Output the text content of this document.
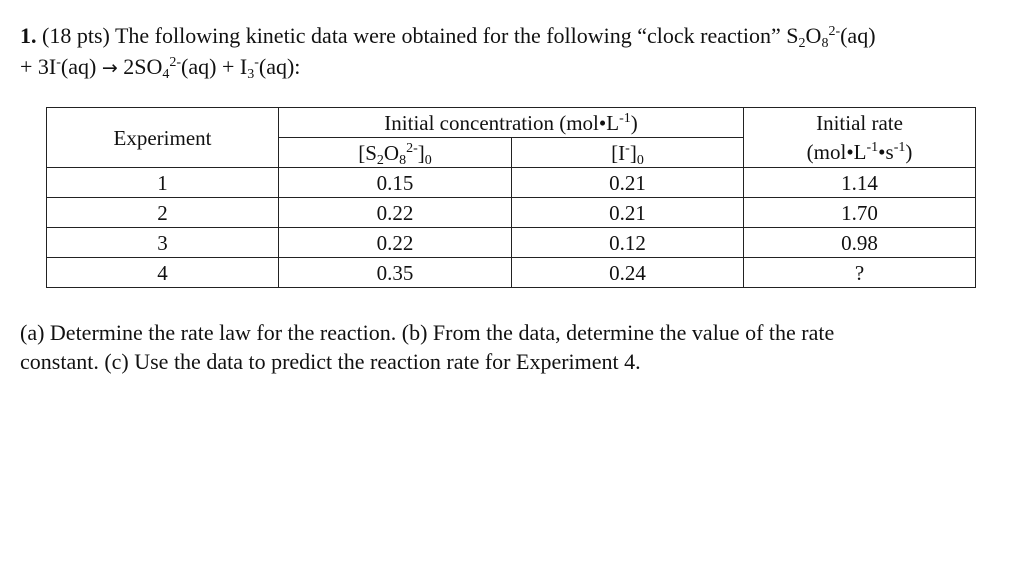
1. (18 pts) The following kinetic data were obtained for the following “clock reaction” $S_2O_8^{2-}(aq)$
+ $3I^-(aq) \to 2SO_4^{2-}(aq) + I_3^-(aq)$:
Experiment	Initial concentration $(mol•L^{-1})$		Initial rate
	$[S_2O_8^{2-}]_0$	$[I^-]_0$	$(mol•L^{-1}•s^{-1})$
1	0.15	0.21	1.14
2	0.22	0.21	1.70
3	0.22	0.12	0.98
4	0.35	0.24	?
(a) Determine the rate law for the reaction. (b) From the data, determine the value of the rate
constant. (c) Use the data to predict the reaction rate for Experiment 4.
